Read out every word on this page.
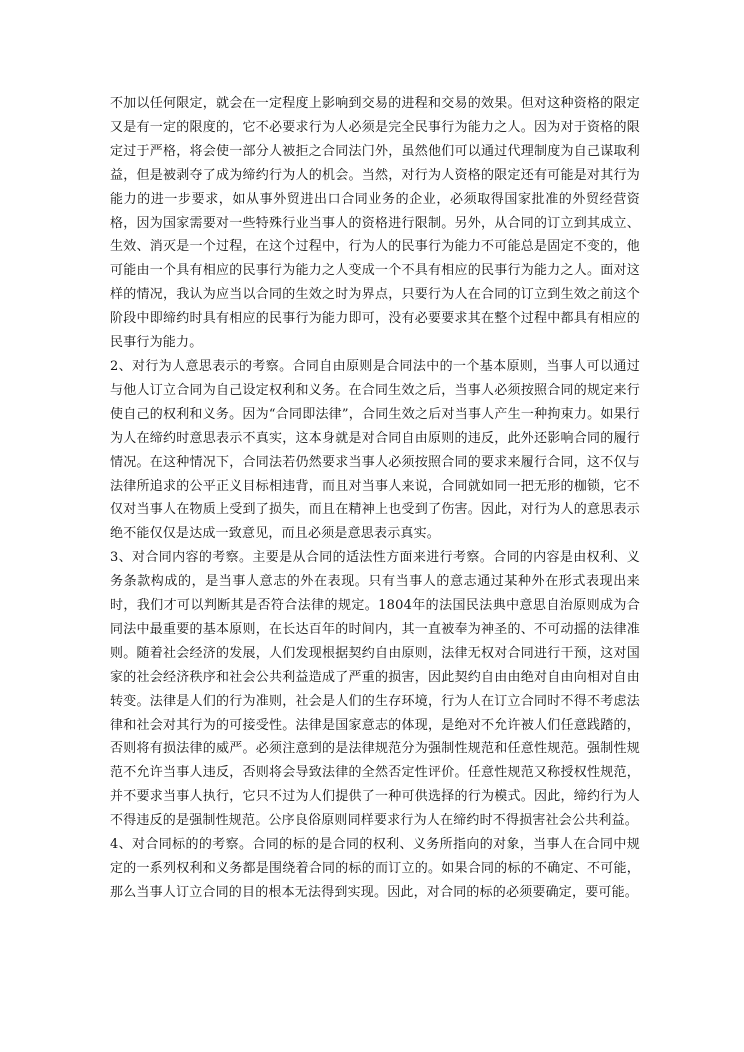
不加以任何限定，就会在一定程度上影响到交易的进程和交易的效果。但对这种资格的限定又是有一定的限度的，它不必要求行为人必须是完全民事行为能力之人。因为对于资格的限定过于严格，将会使一部分人被拒之合同法门外，虽然他们可以通过代理制度为自己谋取利益，但是被剥夺了成为缔约行为人的机会。当然，对行为人资格的限定还有可能是对其行为能力的进一步要求，如从事外贸进出口合同业务的企业，必须取得国家批准的外贸经营资格，因为国家需要对一些特殊行业当事人的资格进行限制。另外，从合同的订立到其成立、生效、消灭是一个过程，在这个过程中，行为人的民事行为能力不可能总是固定不变的，他可能由一个具有相应的民事行为能力之人变成一个不具有相应的民事行为能力之人。面对这样的情况，我认为应当以合同的生效之时为界点，只要行为人在合同的订立到生效之前这个阶段中即缔约时具有相应的民事行为能力即可，没有必要要求其在整个过程中都具有相应的民事行为能力。

2、对行为人意思表示的考察。合同自由原则是合同法中的一个基本原则，当事人可以通过与他人订立合同为自己设定权利和义务。在合同生效之后，当事人必须按照合同的规定来行使自己的权利和义务。因为“合同即法律”，合同生效之后对当事人产生一种拘束力。如果行为人在缔约时意思表示不真实，这本身就是对合同自由原则的违反，此外还影响合同的履行情况。在这种情况下，合同法若仍然要求当事人必须按照合同的要求来履行合同，这不仅与法律所追求的公平正义目标相违背，而且对当事人来说，合同就如同一把无形的枷锁，它不仅对当事人在物质上受到了损失，而且在精神上也受到了伤害。因此，对行为人的意思表示绝不能仅仅是达成一致意见，而且必须是意思表示真实。

3、对合同内容的考察。主要是从合同的适法性方面来进行考察。合同的内容是由权利、义务条款构成的，是当事人意志的外在表现。只有当事人的意志通过某种外在形式表现出来时，我们才可以判断其是否符合法律的规定。1804年的法国民法典中意思自治原则成为合同法中最重要的基本原则，在长达百年的时间内，其一直被奉为神圣的、不可动摇的法律准则。随着社会经济的发展，人们发现根据契约自由原则，法律无权对合同进行干预，这对国家的社会经济秩序和社会公共利益造成了严重的损害，因此契约自由由绝对自由向相对自由转变。法律是人们的行为准则，社会是人们的生存环境，行为人在订立合同时不得不考虑法律和社会对其行为的可接受性。法律是国家意志的体现，是绝对不允许被人们任意践踏的，否则将有损法律的威严。必须注意到的是法律规范分为强制性规范和任意性规范。强制性规范不允许当事人违反，否则将会导致法律的全然否定性评价。任意性规范又称授权性规范，并不要求当事人执行，它只不过为人们提供了一种可供选择的行为模式。因此，缔约行为人不得违反的是强制性规范。公序良俗原则同样要求行为人在缔约时不得损害社会公共利益。

4、对合同标的的考察。合同的标的是合同的权利、义务所指向的对象，当事人在合同中规定的一系列权利和义务都是围绕着合同的标的而订立的。如果合同的标的不确定、不可能，那么当事人订立合同的目的根本无法得到实现。因此，对合同的标的必须要确定，要可能。
